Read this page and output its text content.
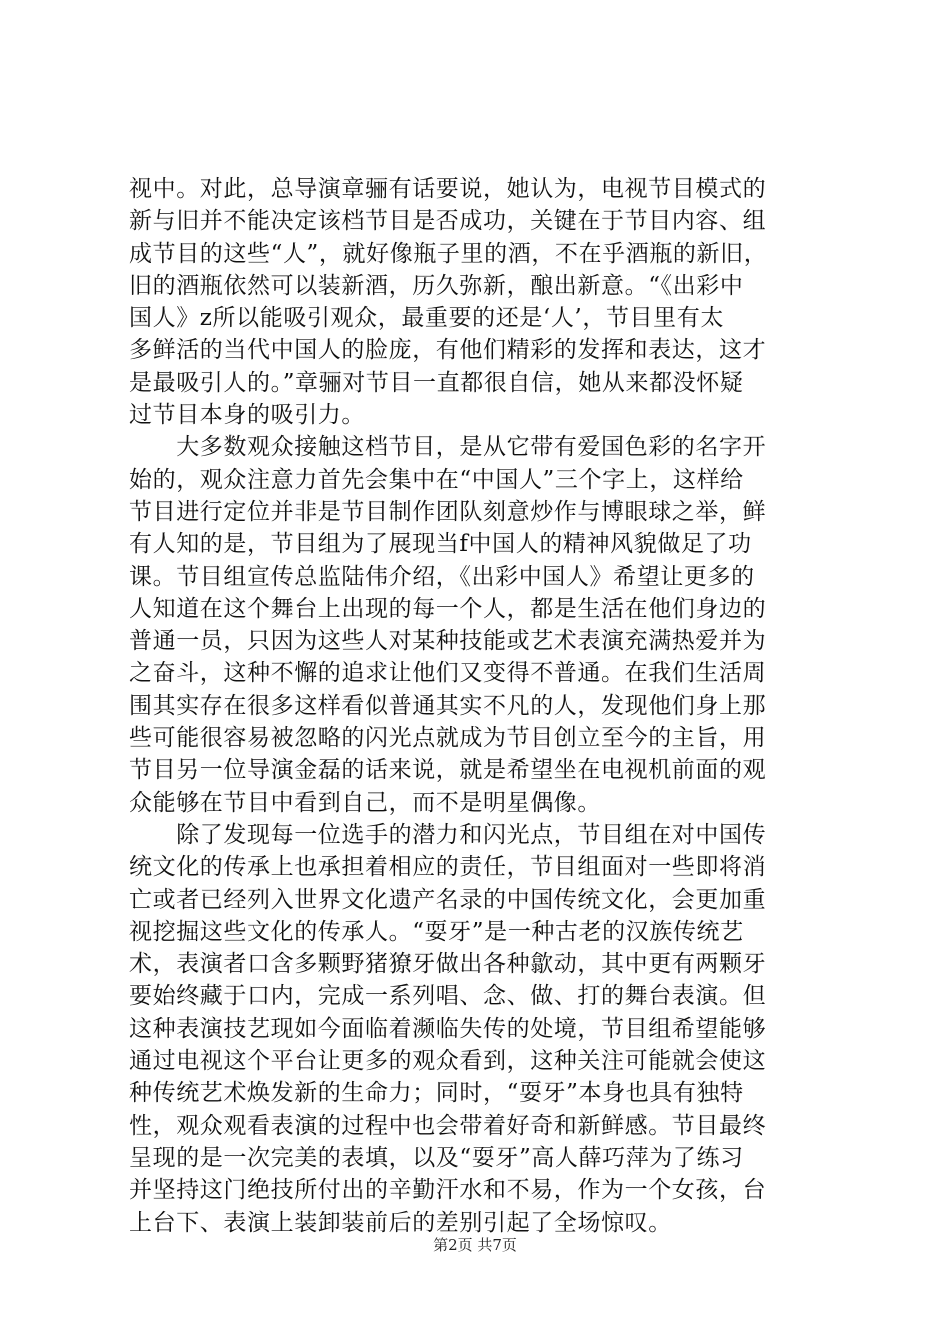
视中。对此，总导演章骊有话要说，她认为，电视节目模式的
新与旧并不能决定该档节目是否成功，关键在于节目内容、组
成节目的这些“人”，就好像瓶子里的酒，不在乎酒瓶的新旧，
旧的酒瓶依然可以装新酒，历久弥新，酿出新意。“《出彩中
国人》z所以能吸引观众，最重要的还是‘人’，节目里有太
多鲜活的当代中国人的脸庞，有他们精彩的发挥和表达，这才
是最吸引人的。”章骊对节目一直都很自信，她从来都没怀疑
过节目本身的吸引力。
　　大多数观众接触这档节目，是从它带有爱国色彩的名字开
始的，观众注意力首先会集中在“中国人”三个字上，这样给
节目进行定位并非是节目制作团队刻意炒作与博眼球之举，鲜
有人知的是，节目组为了展现当f中国人的精神风貌做足了功
课。节目组宣传总监陆伟介绍，《出彩中国人》希望让更多的
人知道在这个舞台上出现的每一个人，都是生活在他们身边的
普通一员，只因为这些人对某种技能或艺术表演充满热爱并为
之奋斗，这种不懈的追求让他们又变得不普通。在我们生活周
围其实存在很多这样看似普通其实不凡的人，发现他们身上那
些可能很容易被忽略的闪光点就成为节目创立至今的主旨，用
节目另一位导演金磊的话来说，就是希望坐在电视机前面的观
众能够在节目中看到自己，而不是明星偶像。
　　除了发现每一位选手的潜力和闪光点，节目组在对中国传
统文化的传承上也承担着相应的责任，节目组面对一些即将消
亡或者已经列入世界文化遗产名录的中国传统文化，会更加重
视挖掘这些文化的传承人。“耍牙”是一种古老的汉族传统艺
术，表演者口含多颗野猪獠牙做出各种歙动，其中更有两颗牙
要始终藏于口内，完成一系列唱、念、做、打的舞台表演。但
这种表演技艺现如今面临着濒临失传的处境，节目组希望能够
通过电视这个平台让更多的观众看到，这种关注可能就会使这
种传统艺术焕发新的生命力；同时，“耍牙”本身也具有独特
性，观众观看表演的过程中也会带着好奇和新鲜感。节目最终
呈现的是一次完美的表填，以及“耍牙”高人薛巧萍为了练习
并坚持这门绝技所付出的辛勤汗水和不易，作为一个女孩，台
上台下、表演上装卸装前后的差别引起了全场惊叹。
第2页 共7页
